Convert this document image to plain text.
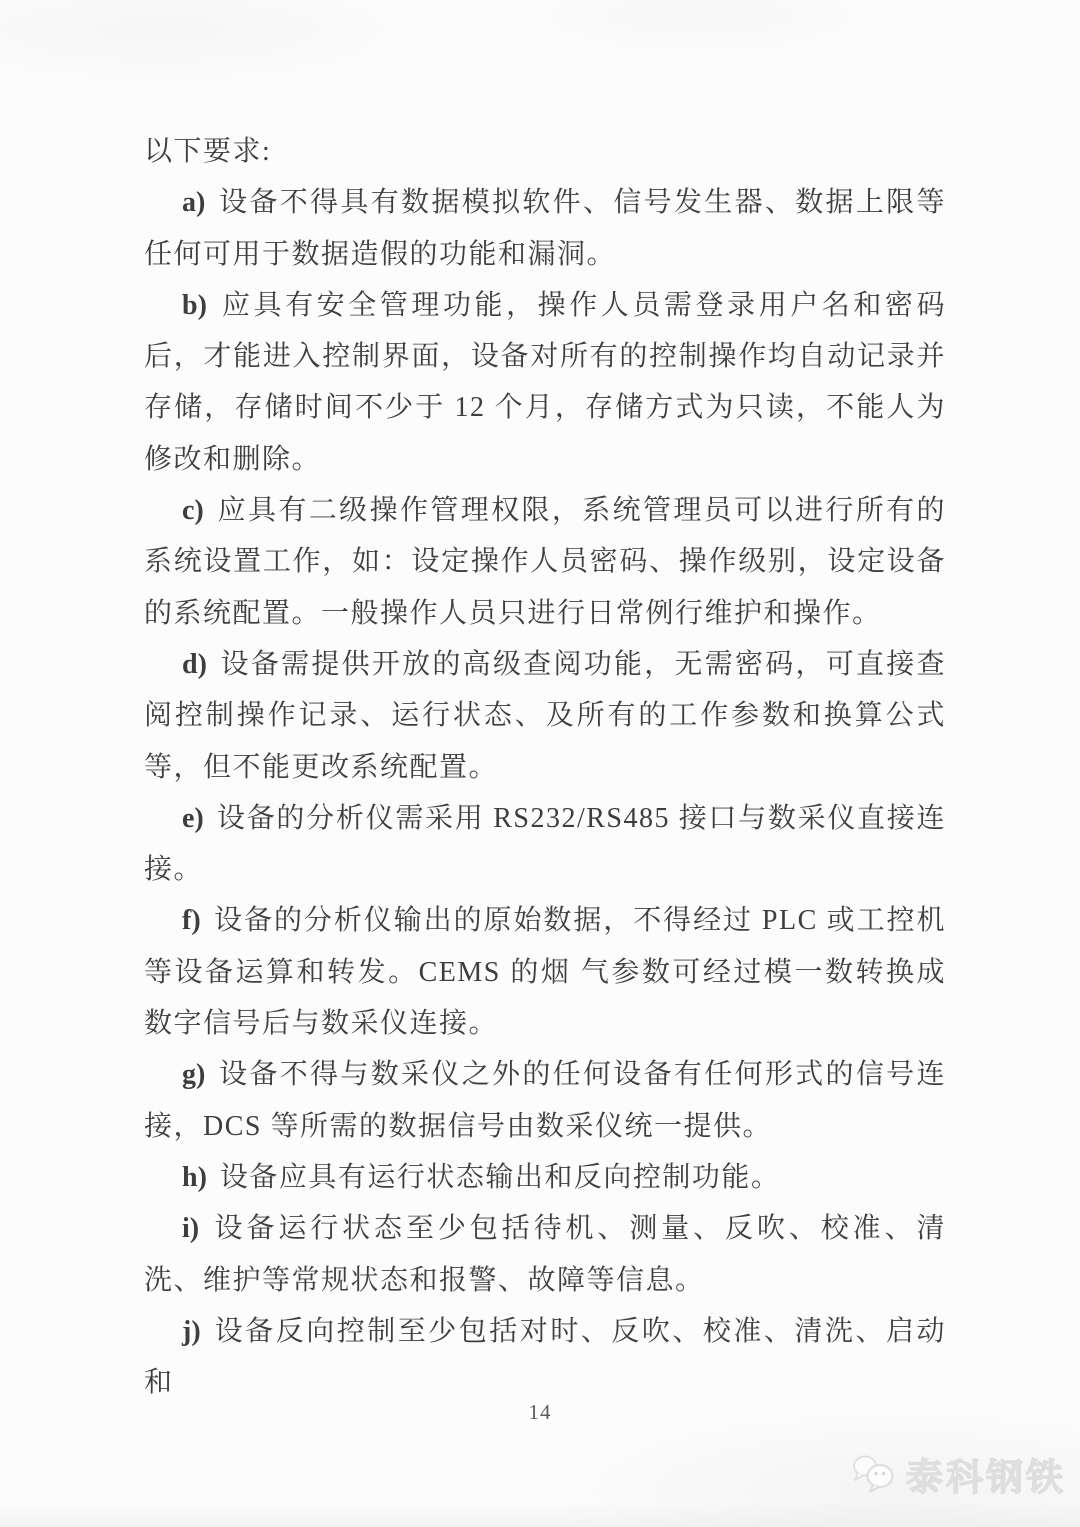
以下要求:

a) 设备不得具有数据模拟软件、信号发生器、数据上限等任何可用于数据造假的功能和漏洞。

b) 应具有安全管理功能，操作人员需登录用户名和密码后，才能进入控制界面，设备对所有的控制操作均自动记录并存储，存储时间不少于 12 个月，存储方式为只读，不能人为修改和删除。

c) 应具有二级操作管理权限，系统管理员可以进行所有的系统设置工作，如：设定操作人员密码、操作级别，设定设备的系统配置。一般操作人员只进行日常例行维护和操作。

d) 设备需提供开放的高级查阅功能，无需密码，可直接查阅控制操作记录、运行状态、及所有的工作参数和换算公式等，但不能更改系统配置。

e) 设备的分析仪需采用 RS232/RS485 接口与数采仪直接连接。

f) 设备的分析仪输出的原始数据，不得经过 PLC 或工控机等设备运算和转发。CEMS 的烟 气参数可经过模一数转换成数字信号后与数采仪连接。

g) 设备不得与数采仪之外的任何设备有任何形式的信号连接，DCS 等所需的数据信号由数采仪统一提供。

h) 设备应具有运行状态输出和反向控制功能。

i) 设备运行状态至少包括待机、测量、反吹、校准、清洗、维护等常规状态和报警、故障等信息。

j) 设备反向控制至少包括对时、反吹、校准、清洗、启动和

14
泰科钢铁
